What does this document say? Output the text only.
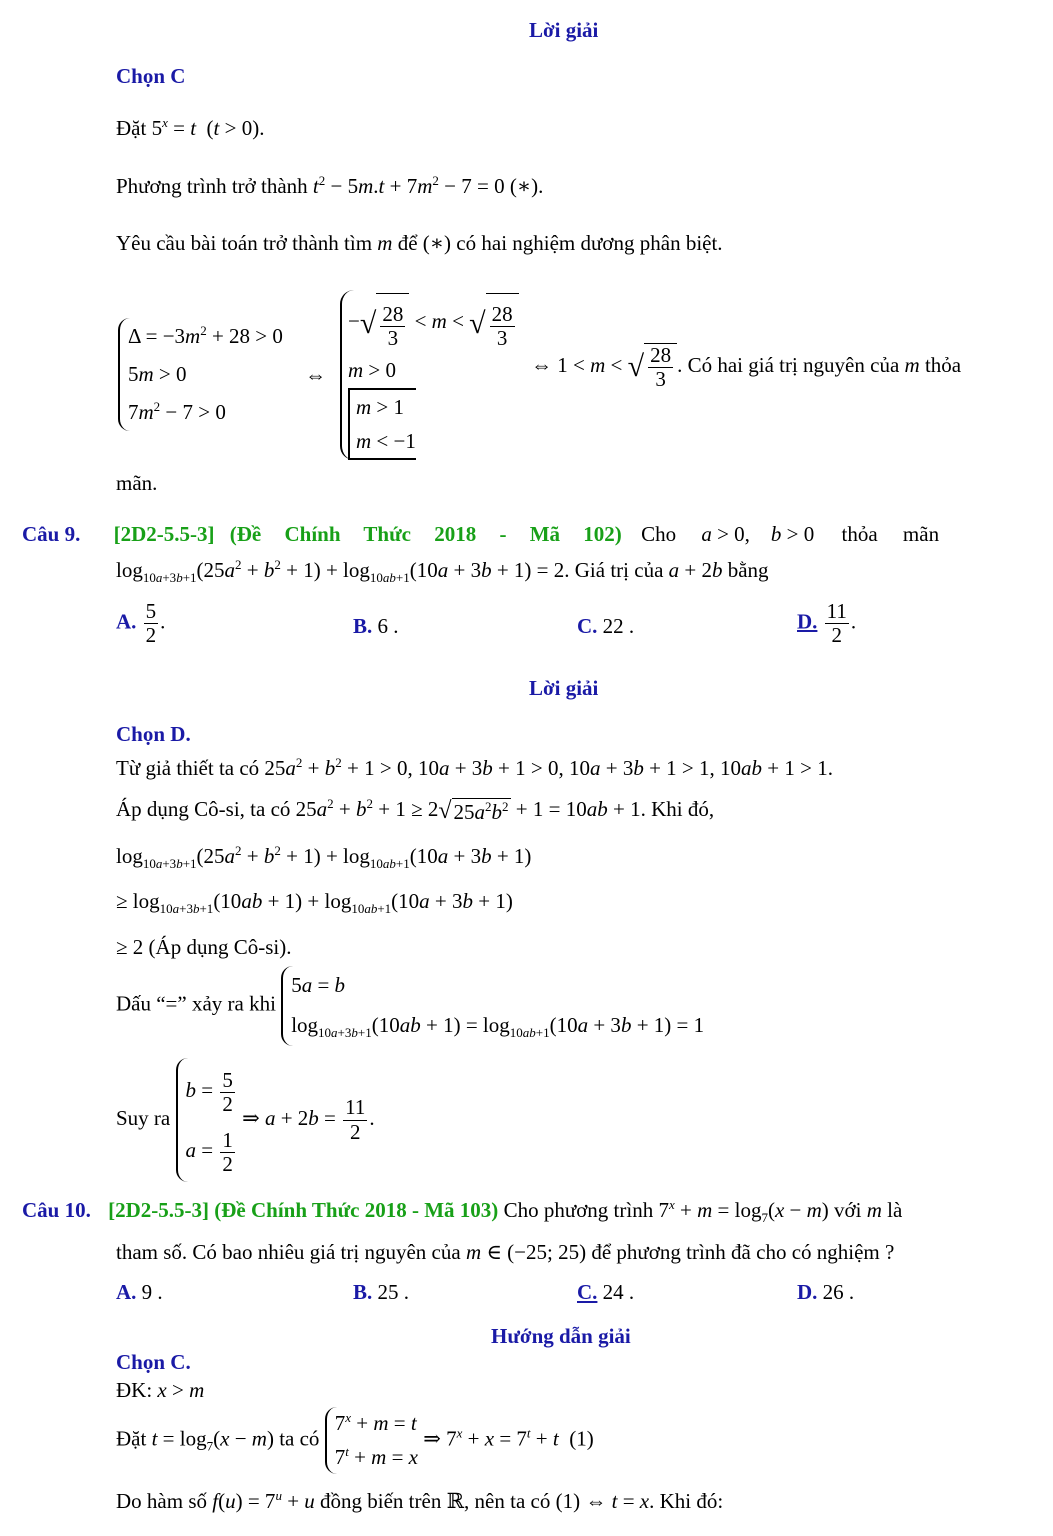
Lời giải
Chọn C
Đặt $5^x = t$  (t > 0).
Phương trình trở thành $t^2 - 5m.t + 7m^2 - 7 = 0$ (∗).
Yêu cầu bài toán trở thành tìm m để (∗) có hai nghiệm dương phân biệt.
$\Delta = -3m^2 + 28 > 0$
5m > 0
$7m^2 - 7 > 0$
⇔
−√ $\frac{28}{3} < m$ < √ $\frac{28}{3}$
m > 0
m > 1
m < −1
⇔ 1 < m < √ $\frac{28}{3}$ . Có hai giá trị nguyên của m thỏa
mãn.
Câu 9. [2D2-5.5-3] (Đề Chính Thức 2018 - Mã 102) Cho a > 0,    b > 0 thỏa mãn
$\log_{10a+3b+1}(25a^2 + b^2 + 1) + \log_{10ab+1}(10a + 3b + 1) = 2$. Giá trị của a + 2b bằng
A. $\frac{5}{2}$ .	B. 6 .	C. 22 .	D. $\frac{11}{2}$ .
Lời giải
Chọn D.
Từ giả thiết ta có $25a^2 + b^2 + 1 > 0$, 10a + 3b + 1 > 0, 10a + 3b + 1 > 1, 10ab + 1 > 1.
Áp dụng Cô-si, ta có $25a^2 + b^2 + 1 \ge 2√25a^2b^2 + 1 = 10ab + 1$. Khi đó,
$\log_{10a+3b+1}(25a^2 + b^2 + 1) + \log_{10ab+1}(10a + 3b + 1)$
≥ $\log_{10a+3b+1}(10ab + 1) + \log_{10ab+1}(10a + 3b + 1)$
≥ 2 (Áp dụng Cô-si).
Dấu “=” xảy ra khi 5a = b
$\log_{10a+3b+1}(10ab + 1) = \log_{10ab+1}(10a + 3b + 1) = 1$
Suy ra
$b = \frac{5}{2}$
$a = \frac{1}{2}$
⇒ $a + 2b = \frac{11}{2}$ .
Câu 10. [2D2-5.5-3] (Đề Chính Thức 2018 - Mã 103) Cho phương trình $7^x + m = \log_7(x - m)$ với m là
tham số. Có bao nhiêu giá trị nguyên của m ∈ (−25; 25) để phương trình đã cho có nghiệm ?
A. 9 .	B. 25 .	C. 24 .	D. 26 .
Hướng dẫn giải
Chọn C.
ĐK: x > m
Đặt $t = \log_7(x - m)$ ta có $7^x + m = t$
$7^t + m = x$ ⇒ $7^x + x = 7^t + t$  (1)
Do hàm số $f(u) = 7^u + u$ đồng biến trên ℝ, nên ta có (1) ⇔ t = x. Khi đó:
